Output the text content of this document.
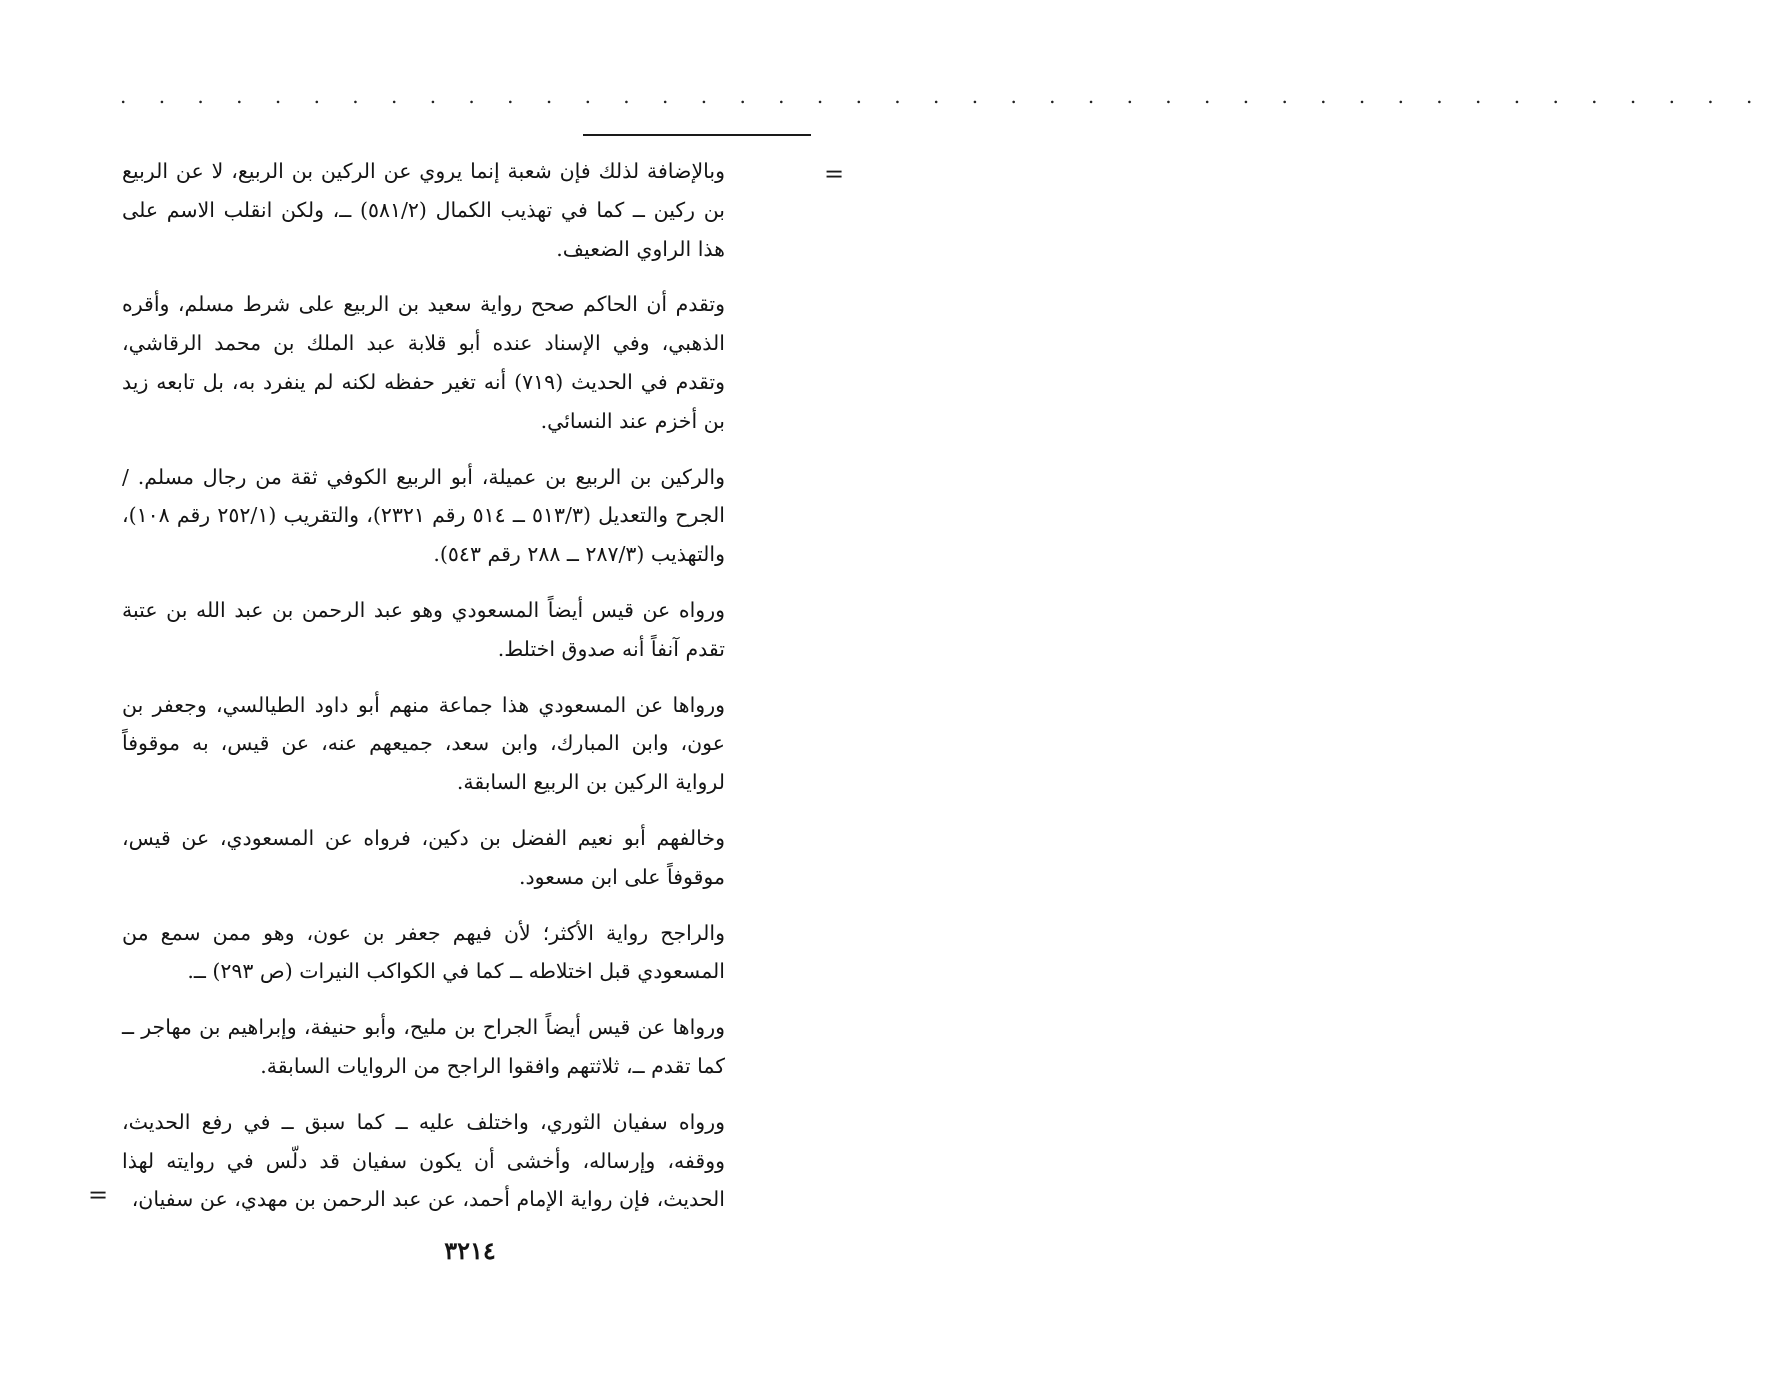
. . . . . . . . . . . . . . . . . . . . . . . . . . . . . . . . . . . . . . . . . . .
=

وبالإضافة لذلك فإن شعبة إنما يروي عن الركين بن الربيع، لا عن الربيع بن ركين ــ كما في تهذيب الكمال (٥٨١/٢) ــ، ولكن انقلب الاسم على هذا الراوي الضعيف.

وتقدم أن الحاكم صحح رواية سعيد بن الربيع على شرط مسلم، وأقره الذهبي، وفي الإسناد عنده أبو قلابة عبد الملك بن محمد الرقاشي، وتقدم في الحديث (٧١٩) أنه تغير حفظه لكنه لم ينفرد به، بل تابعه زيد بن أخزم عند النسائي.

والركين بن الربيع بن عميلة، أبو الربيع الكوفي ثقة من رجال مسلم. / الجرح والتعديل (٥١٣/٣ ــ ٥١٤ رقم ٢٣٢١)، والتقريب (٢٥٢/١ رقم ١٠٨)، والتهذيب (٢٨٧/٣ ــ ٢٨٨ رقم ٥٤٣).

ورواه عن قيس أيضاً المسعودي وهو عبد الرحمن بن عبد الله بن عتبة تقدم آنفاً أنه صدوق اختلط.

ورواها عن المسعودي هذا جماعة منهم أبو داود الطيالسي، وجعفر بن عون، وابن المبارك، وابن سعد، جميعهم عنه، عن قيس، به موقوفاً لرواية الركين بن الربيع السابقة.

وخالفهم أبو نعيم الفضل بن دكين، فرواه عن المسعودي، عن قيس، موقوفاً على ابن مسعود.

والراجح رواية الأكثر؛ لأن فيهم جعفر بن عون، وهو ممن سمع من المسعودي قبل اختلاطه ــ كما في الكواكب النيرات (ص ٢٩٣) ــ.

ورواها عن قيس أيضاً الجراح بن مليح، وأبو حنيفة، وإبراهيم بن مهاجر ــ كما تقدم ــ، ثلاثتهم وافقوا الراجح من الروايات السابقة.

ورواه سفيان الثوري، واختلف عليه ــ كما سبق ــ في رفع الحديث، ووقفه، وإرساله، وأخشى أن يكون سفيان قد دلّس في روايته لهذا الحديث، فإن رواية الإمام أحمد، عن عبد الرحمن بن مهدي، عن سفيان،

=
٣٢١٤
